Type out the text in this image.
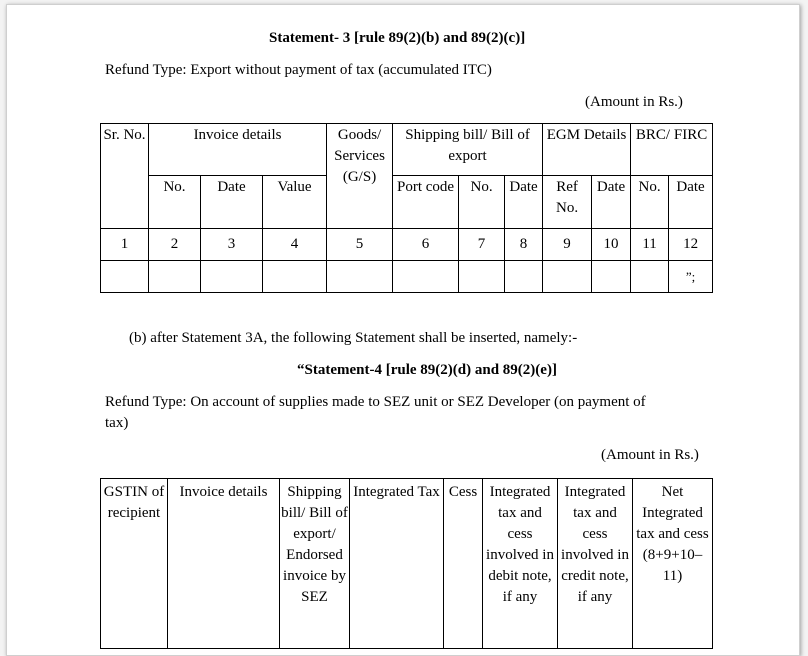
Statement- 3 [rule 89(2)(b) and 89(2)(c)]
Refund Type: Export without payment of tax (accumulated ITC)
(Amount in Rs.)
Sr. No.	Invoice details			Goods/ Services (G/S)	Shipping bill/ Bill of export			EGM Details		BRC/ FIRC	
	No.	Date	Value		Port code	No.	Date	Ref No.	Date	No.	Date
1	2	3	4	5	6	7	8	9	10	11	12
											”;
(b) after Statement 3A, the following Statement shall be inserted, namely:-
“Statement-4 [rule 89(2)(d) and 89(2)(e)]
Refund Type: On account of supplies made to SEZ unit or SEZ Developer (on payment of
tax)
(Amount in Rs.)
GSTIN of recipient	Invoice details	Shipping bill/ Bill of export/ Endorsed invoice by SEZ	Integrated Tax	Cess	Integrated tax and cess involved in debit note, if any	Integrated tax and cess involved in credit note, if any	Net Integrated tax and cess (8+9+10–11)
